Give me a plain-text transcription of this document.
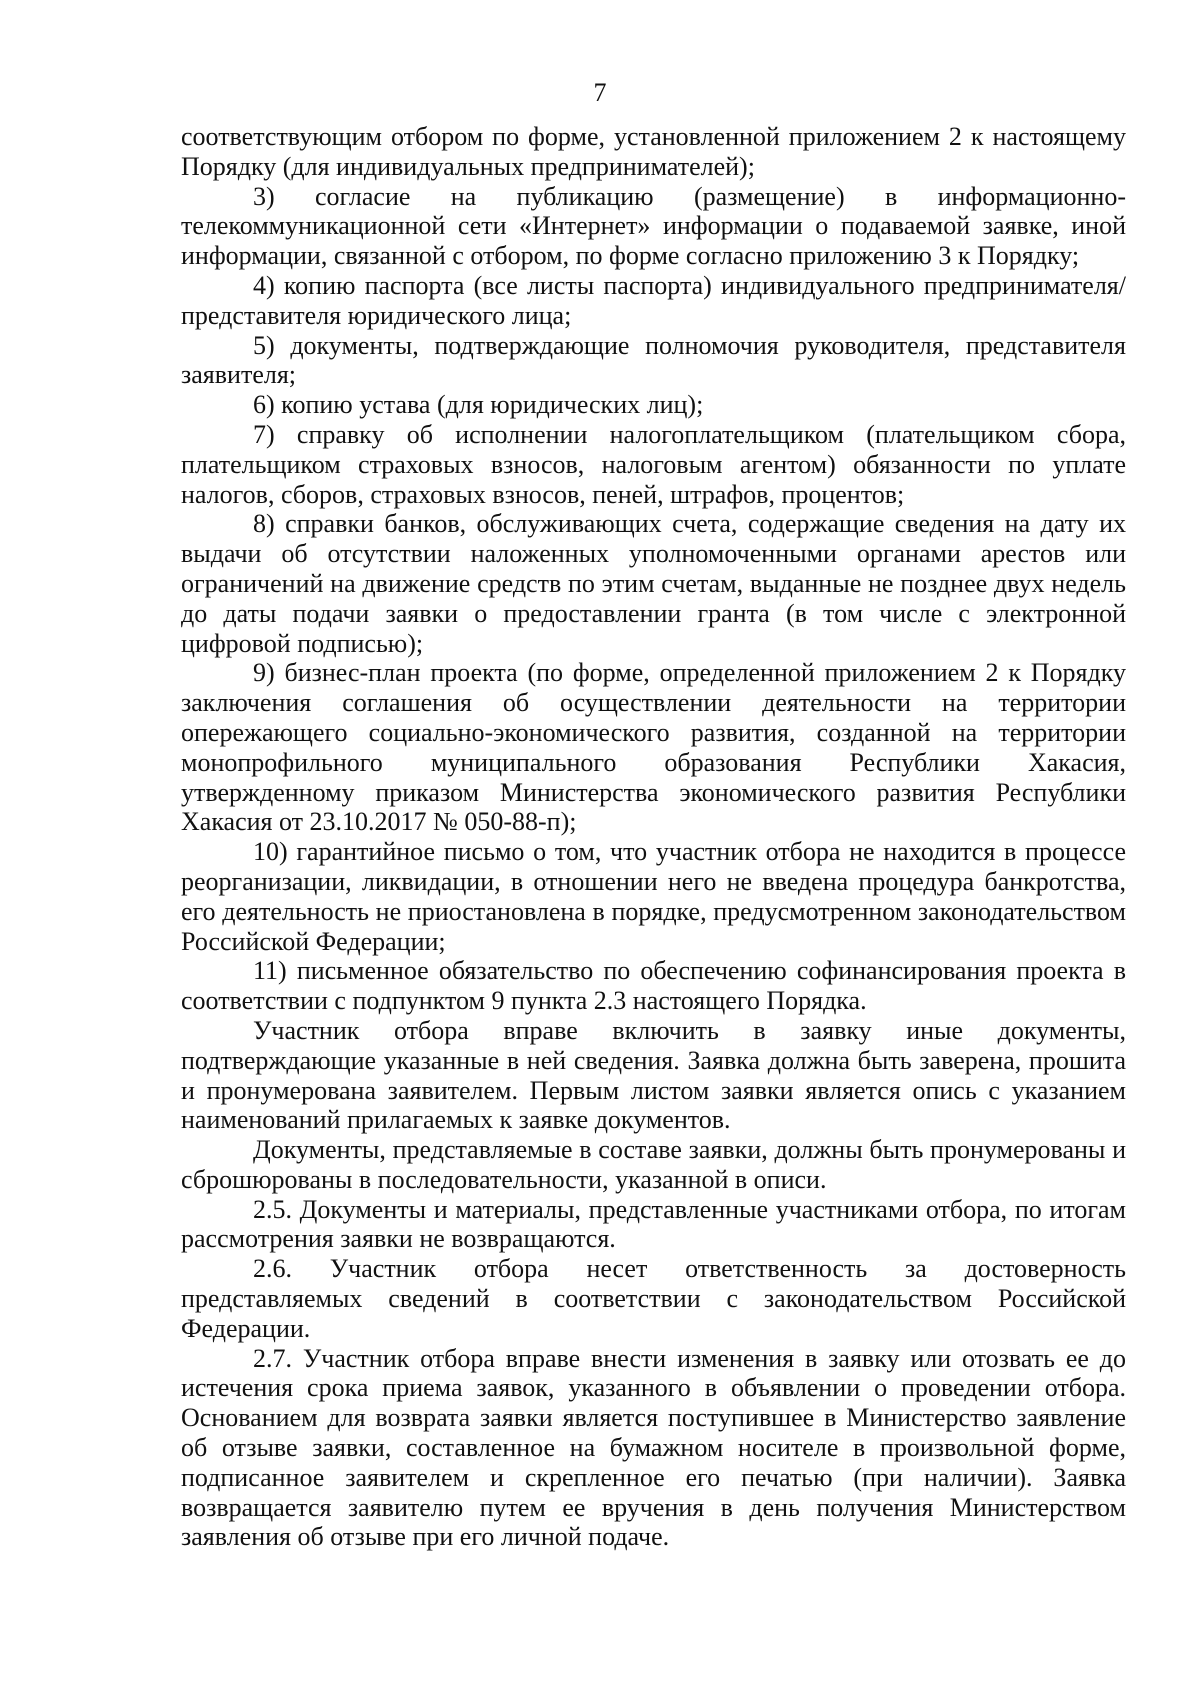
7

соответствующим отбором по форме, установленной приложением 2 к настоящему Порядку (для индивидуальных предпринимателей);

3) согласие на публикацию (размещение) в информационно-телекоммуникационной сети «Интернет» информации о подаваемой заявке, иной информации, связанной с отбором, по форме согласно приложению 3 к Порядку;

4) копию паспорта (все листы паспорта) индивидуального предпринимателя/представителя юридического лица;

5) документы, подтверждающие полномочия руководителя, представителя заявителя;

6) копию устава (для юридических лиц);

7) справку об исполнении налогоплательщиком (плательщиком сбора, плательщиком страховых взносов, налоговым агентом) обязанности по уплате налогов, сборов, страховых взносов, пеней, штрафов, процентов;

8) справки банков, обслуживающих счета, содержащие сведения на дату их выдачи об отсутствии наложенных уполномоченными органами арестов или ограничений на движение средств по этим счетам, выданные не позднее двух недель до даты подачи заявки о предоставлении гранта (в том числе с электронной цифровой подписью);

9) бизнес-план проекта (по форме, определенной приложением 2 к Порядку заключения соглашения об осуществлении деятельности на территории опережающего социально-экономического развития, созданной на территории монопрофильного муниципального образования Республики Хакасия, утвержденному приказом Министерства экономического развития Республики Хакасия от 23.10.2017 № 050-88-п);

10) гарантийное письмо о том, что участник отбора не находится в процессе реорганизации, ликвидации, в отношении него не введена процедура банкротства, его деятельность не приостановлена в порядке, предусмотренном законодательством Российской Федерации;

11) письменное обязательство по обеспечению софинансирования проекта в соответствии с подпунктом 9 пункта 2.3 настоящего Порядка.

Участник отбора вправе включить в заявку иные документы, подтверждающие указанные в ней сведения. Заявка должна быть заверена, прошита и пронумерована заявителем. Первым листом заявки является опись с указанием наименований прилагаемых к заявке документов.

Документы, представляемые в составе заявки, должны быть пронумерованы и сброшюрованы в последовательности, указанной в описи.

2.5. Документы и материалы, представленные участниками отбора, по итогам рассмотрения заявки не возвращаются.

2.6. Участник отбора несет ответственность за достоверность представляемых сведений в соответствии с законодательством Российской Федерации.

2.7. Участник отбора вправе внести изменения в заявку или отозвать ее до истечения срока приема заявок, указанного в объявлении о проведении отбора. Основанием для возврата заявки является поступившее в Министерство заявление об отзыве заявки, составленное на бумажном носителе в произвольной форме, подписанное заявителем и скрепленное его печатью (при наличии). Заявка возвращается заявителю путем ее вручения в день получения Министерством заявления об отзыве при его личной подаче.
